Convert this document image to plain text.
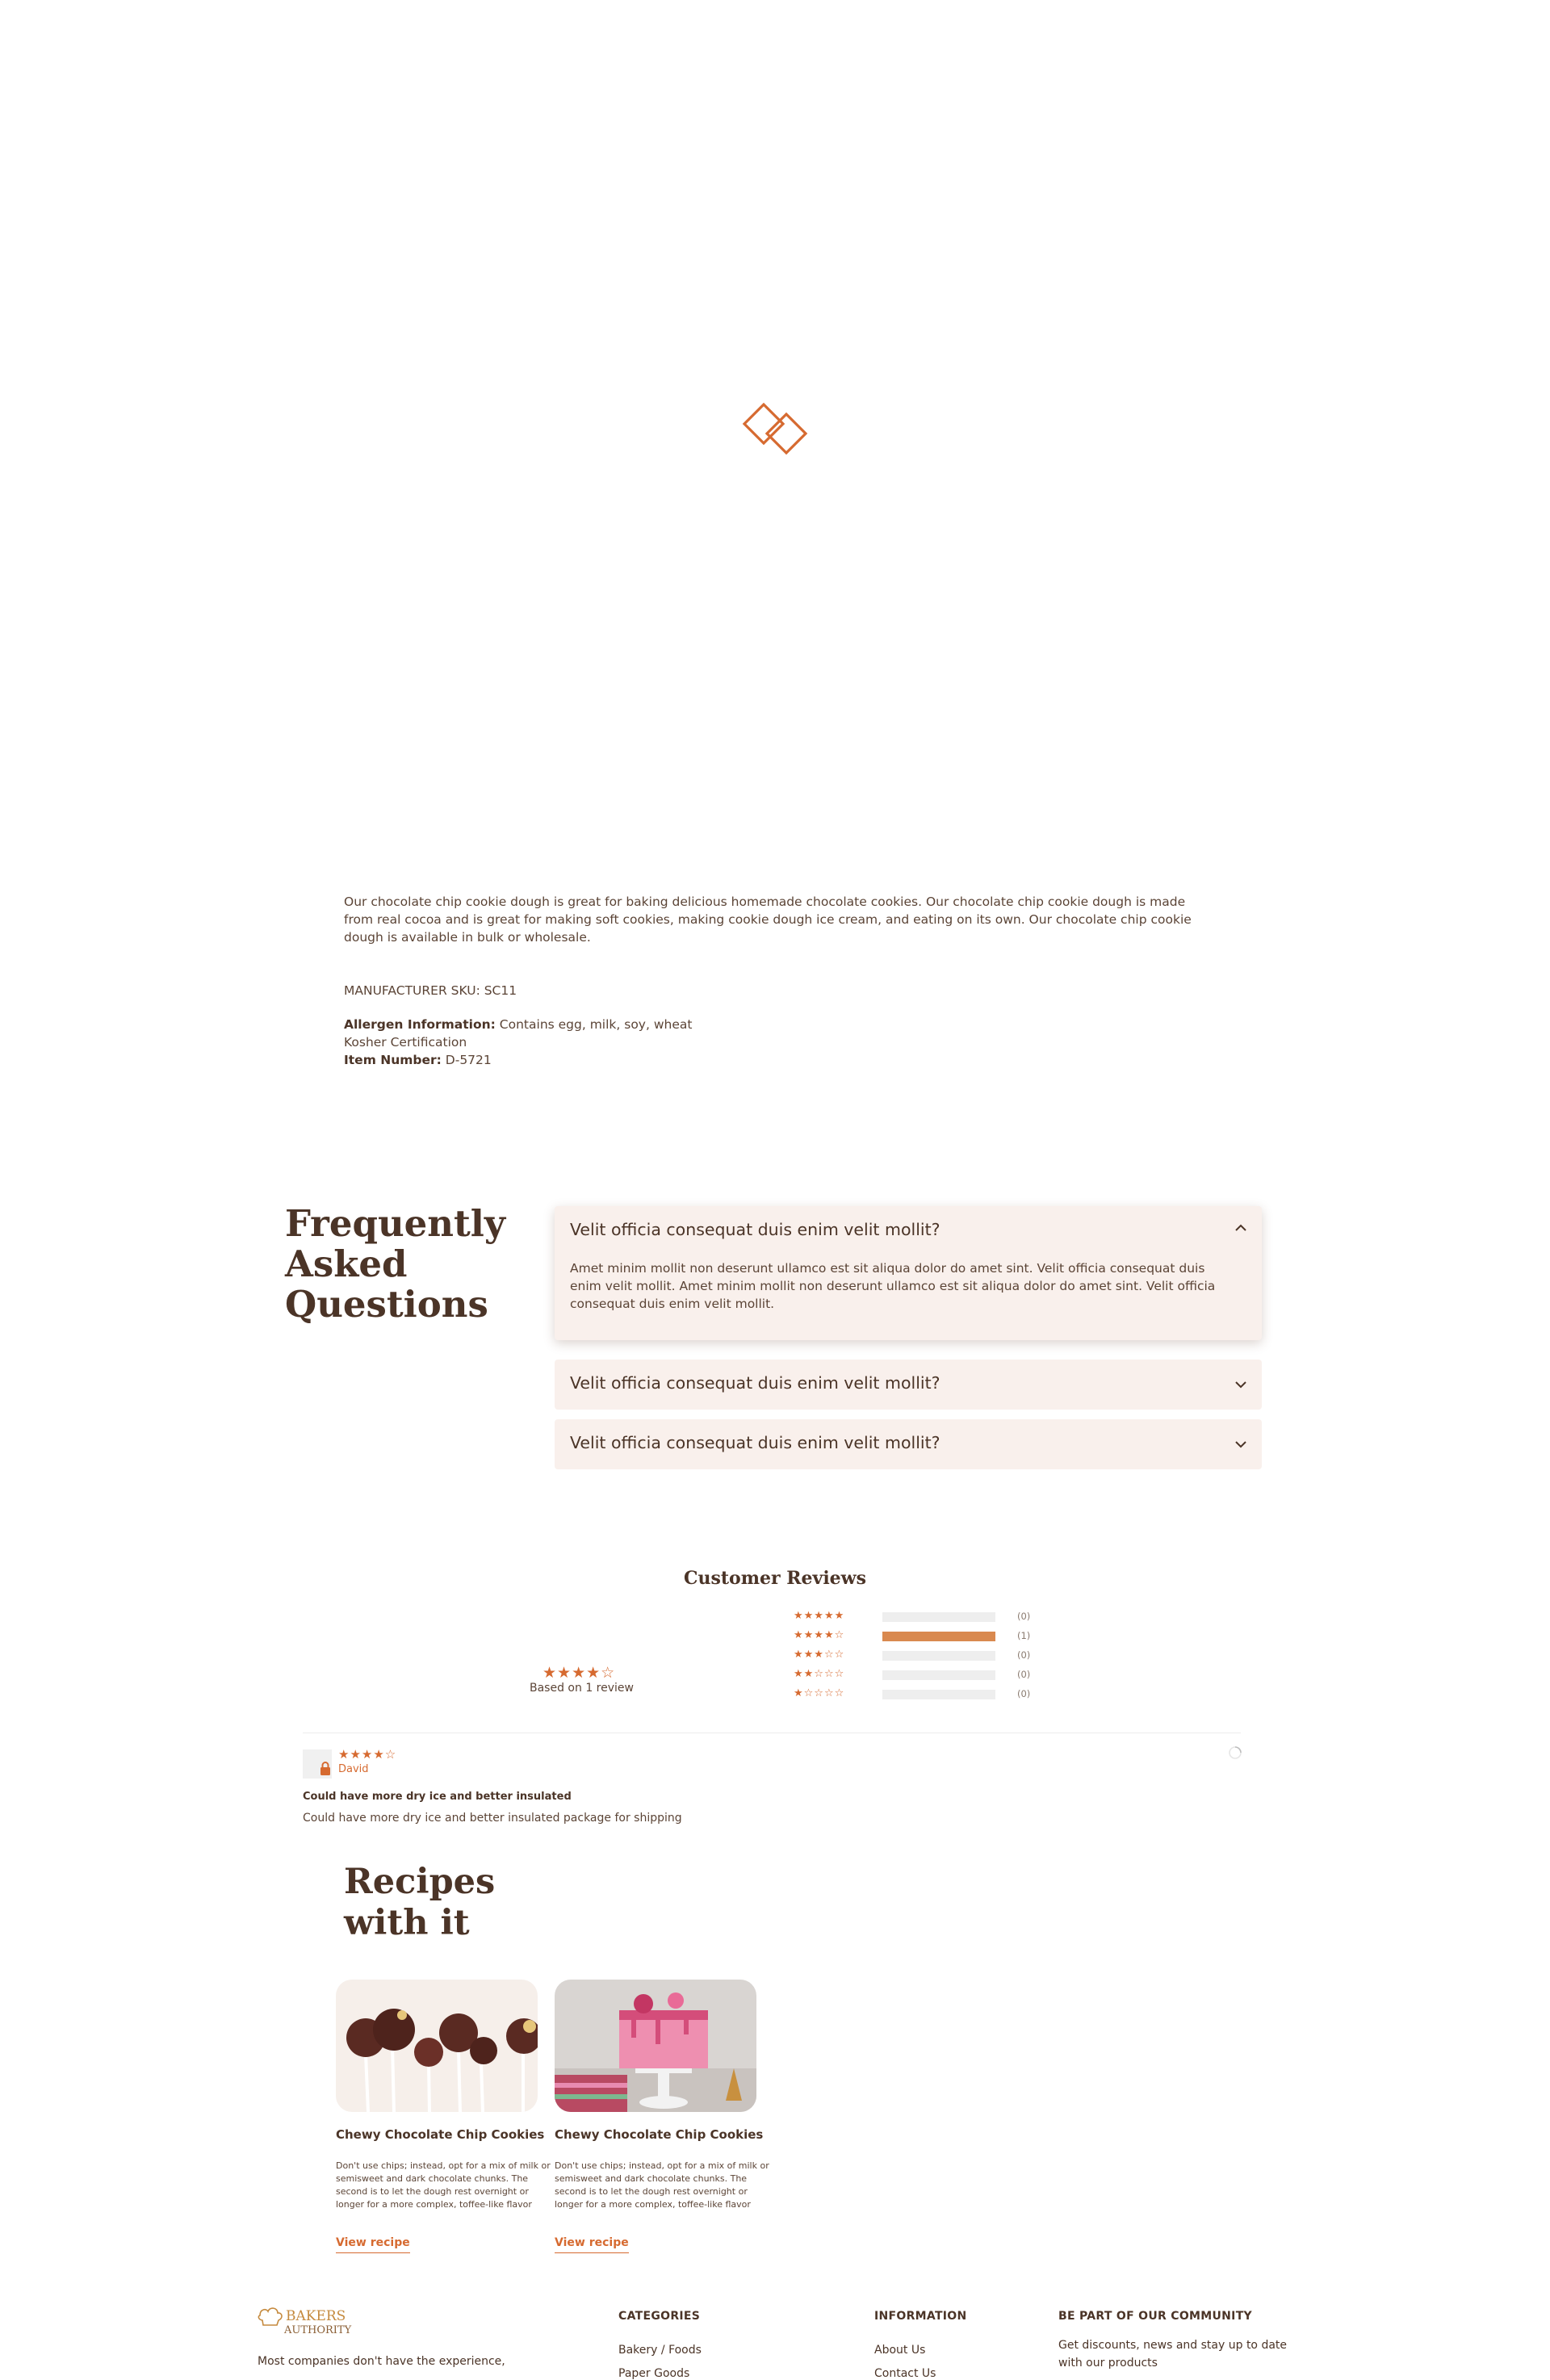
Our chocolate chip cookie dough is great for baking delicious homemade chocolate cookies. Our chocolate chip cookie dough is made from real cocoa and is great for making soft cookies, making cookie dough ice cream, and eating on its own. Our chocolate chip cookie dough is available in bulk or wholesale.

MANUFACTURER SKU: SC11
Allergen Information: Contains egg, milk, soy, wheat
Kosher Certification
Item Number: D-5721
Frequently Asked Questions
Velit officia consequat duis enim velit mollit?

Amet minim mollit non deserunt ullamco est sit aliqua dolor do amet sint. Velit officia consequat duis enim velit mollit. Amet minim mollit non deserunt ullamco est sit aliqua dolor do amet sint. Velit officia consequat duis enim velit mollit.

Velit officia consequat duis enim velit mollit?
Velit officia consequat duis enim velit mollit?
Customer Reviews
★★★★★	(0)
★★★★☆	(1)
★★★☆☆	(0)
★★☆☆☆	(0)
★☆☆☆☆	(0)
★★★★☆
Based on 1 review
★★★★☆
David
Could have more dry ice and better insulated
Could have more dry ice and better insulated package for shipping
Recipes with it
Chewy Chocolate Chip Cookies

Don't use chips; instead, opt for a mix of milk or semisweet and dark chocolate chunks. The second is to let the dough rest overnight or longer for a more complex, toffee-like flavor

View recipe
Chewy Chocolate Chip Cookies

Don't use chips; instead, opt for a mix of milk or semisweet and dark chocolate chunks. The second is to let the dough rest overnight or longer for a more complex, toffee-like flavor

View recipe
BAKERS
AUTHORITY
Most companies don't have the experience,
CATEGORIES
Bakery / Foods
Paper Goods
INFORMATION
About Us
Contact Us
BE PART OF OUR COMMUNITY

Get discounts, news and stay up to date with our products
